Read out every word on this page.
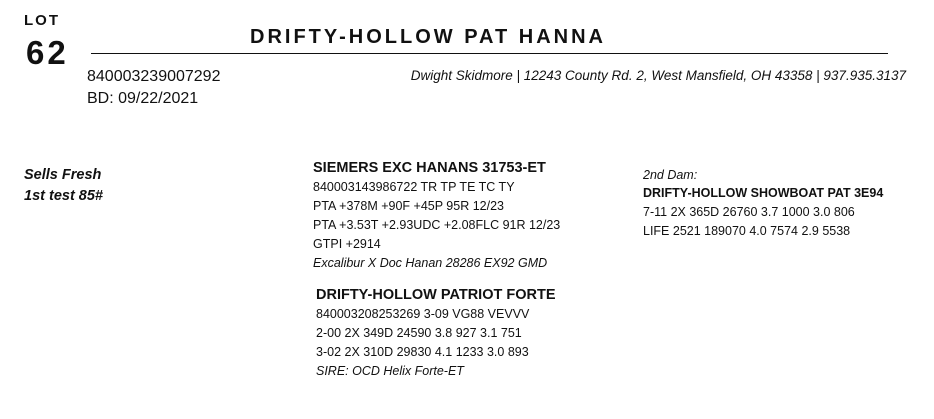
LOT
62	DRIFTY-HOLLOW PAT HANNA
840003239007292
BD: 09/22/2021
Dwight Skidmore | 12243 County Rd. 2, West Mansfield, OH 43358 | 937.935.3137
Sells Fresh
1st test 85#
SIEMERS EXC HANANS 31753-ET
840003143986722 TR TP TE TC TY
PTA +378M +90F +45P 95R 12/23
PTA +3.53T +2.93UDC +2.08FLC 91R 12/23
GTPI +2914
Excalibur X Doc Hanan 28286 EX92 GMD
DRIFTY-HOLLOW PATRIOT FORTE
840003208253269 3-09 VG88 VEVVV
2-00 2X 349D 24590 3.8 927 3.1 751
3-02 2X 310D 29830 4.1 1233 3.0 893
SIRE: OCD Helix Forte-ET
2nd Dam:
DRIFTY-HOLLOW SHOWBOAT PAT 3E94
7-11 2X 365D 26760 3.7 1000 3.0 806
LIFE 2521 189070 4.0 7574 2.9 5538
